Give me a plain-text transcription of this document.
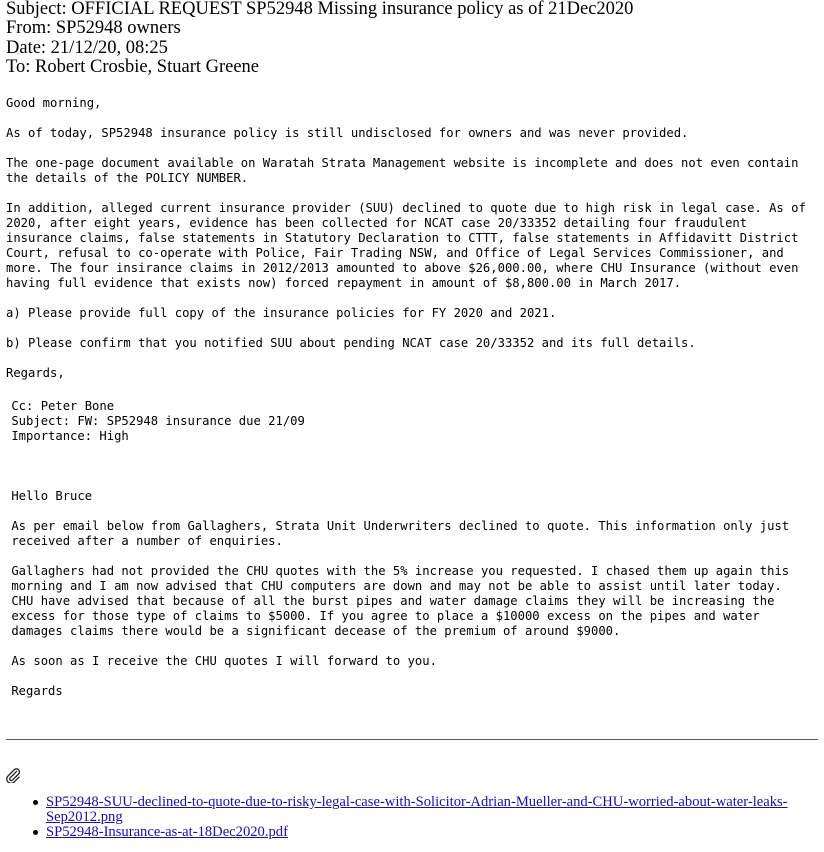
Subject: OFFICIAL REQUEST SP52948 Missing insurance policy as of 21Dec2020
From: SP52948 owners
Date: 21/12/20, 08:25
To: Robert Crosbie, Stuart Greene
Good morning,
As of today, SP52948 insurance policy is still undisclosed for owners and was never provided.
The one-page document available on Waratah Strata Management website is incomplete and does not even contain the details of the POLICY NUMBER.
In addition, alleged current insurance provider (SUU) declined to quote due to high risk in legal case. As of 2020, after eight years, evidence has been collected for NCAT case 20/33352 detailing four fraudulent insurance claims, false statements in Statutory Declaration to CTTT, false statements in Affidavitt District Court, refusal to co-operate with Police, Fair Trading NSW, and Office of Legal Services Commissioner, and more. The four insirance claims in 2012/2013 amounted to above $26,000.00, where CHU Insurance (without even having full evidence that exists now) forced repayment in amount of $8,800.00 in March 2017.
a) Please provide full copy of the insurance policies for FY 2020 and 2021.
b) Please confirm that you notified SUU about pending NCAT case 20/33352 and its full details.
Regards,
Cc: Peter Bone
Subject: FW: SP52948 insurance due 21/09
Importance: High
Hello Bruce
As per email below from Gallaghers, Strata Unit Underwriters declined to quote. This information only just
received after a number of enquiries.
Gallaghers had not provided the CHU quotes with the 5% increase you requested. I chased them up again this
morning and I am now advised that CHU computers are down and may not be able to assist until later today.
CHU have advised that because of all the burst pipes and water damage claims they will be increasing the
excess for those type of claims to $5000. If you agree to place a $10000 excess on the pipes and water
damages claims there would be a significant decease of the premium of around $9000.
As soon as I receive the CHU quotes I will forward to you.
Regards
SP52948-SUU-declined-to-quote-due-to-risky-legal-case-with-Solicitor-Adrian-Mueller-and-CHU-worried-about-water-leaks-Sep2012.png
SP52948-Insurance-as-at-18Dec2020.pdf
